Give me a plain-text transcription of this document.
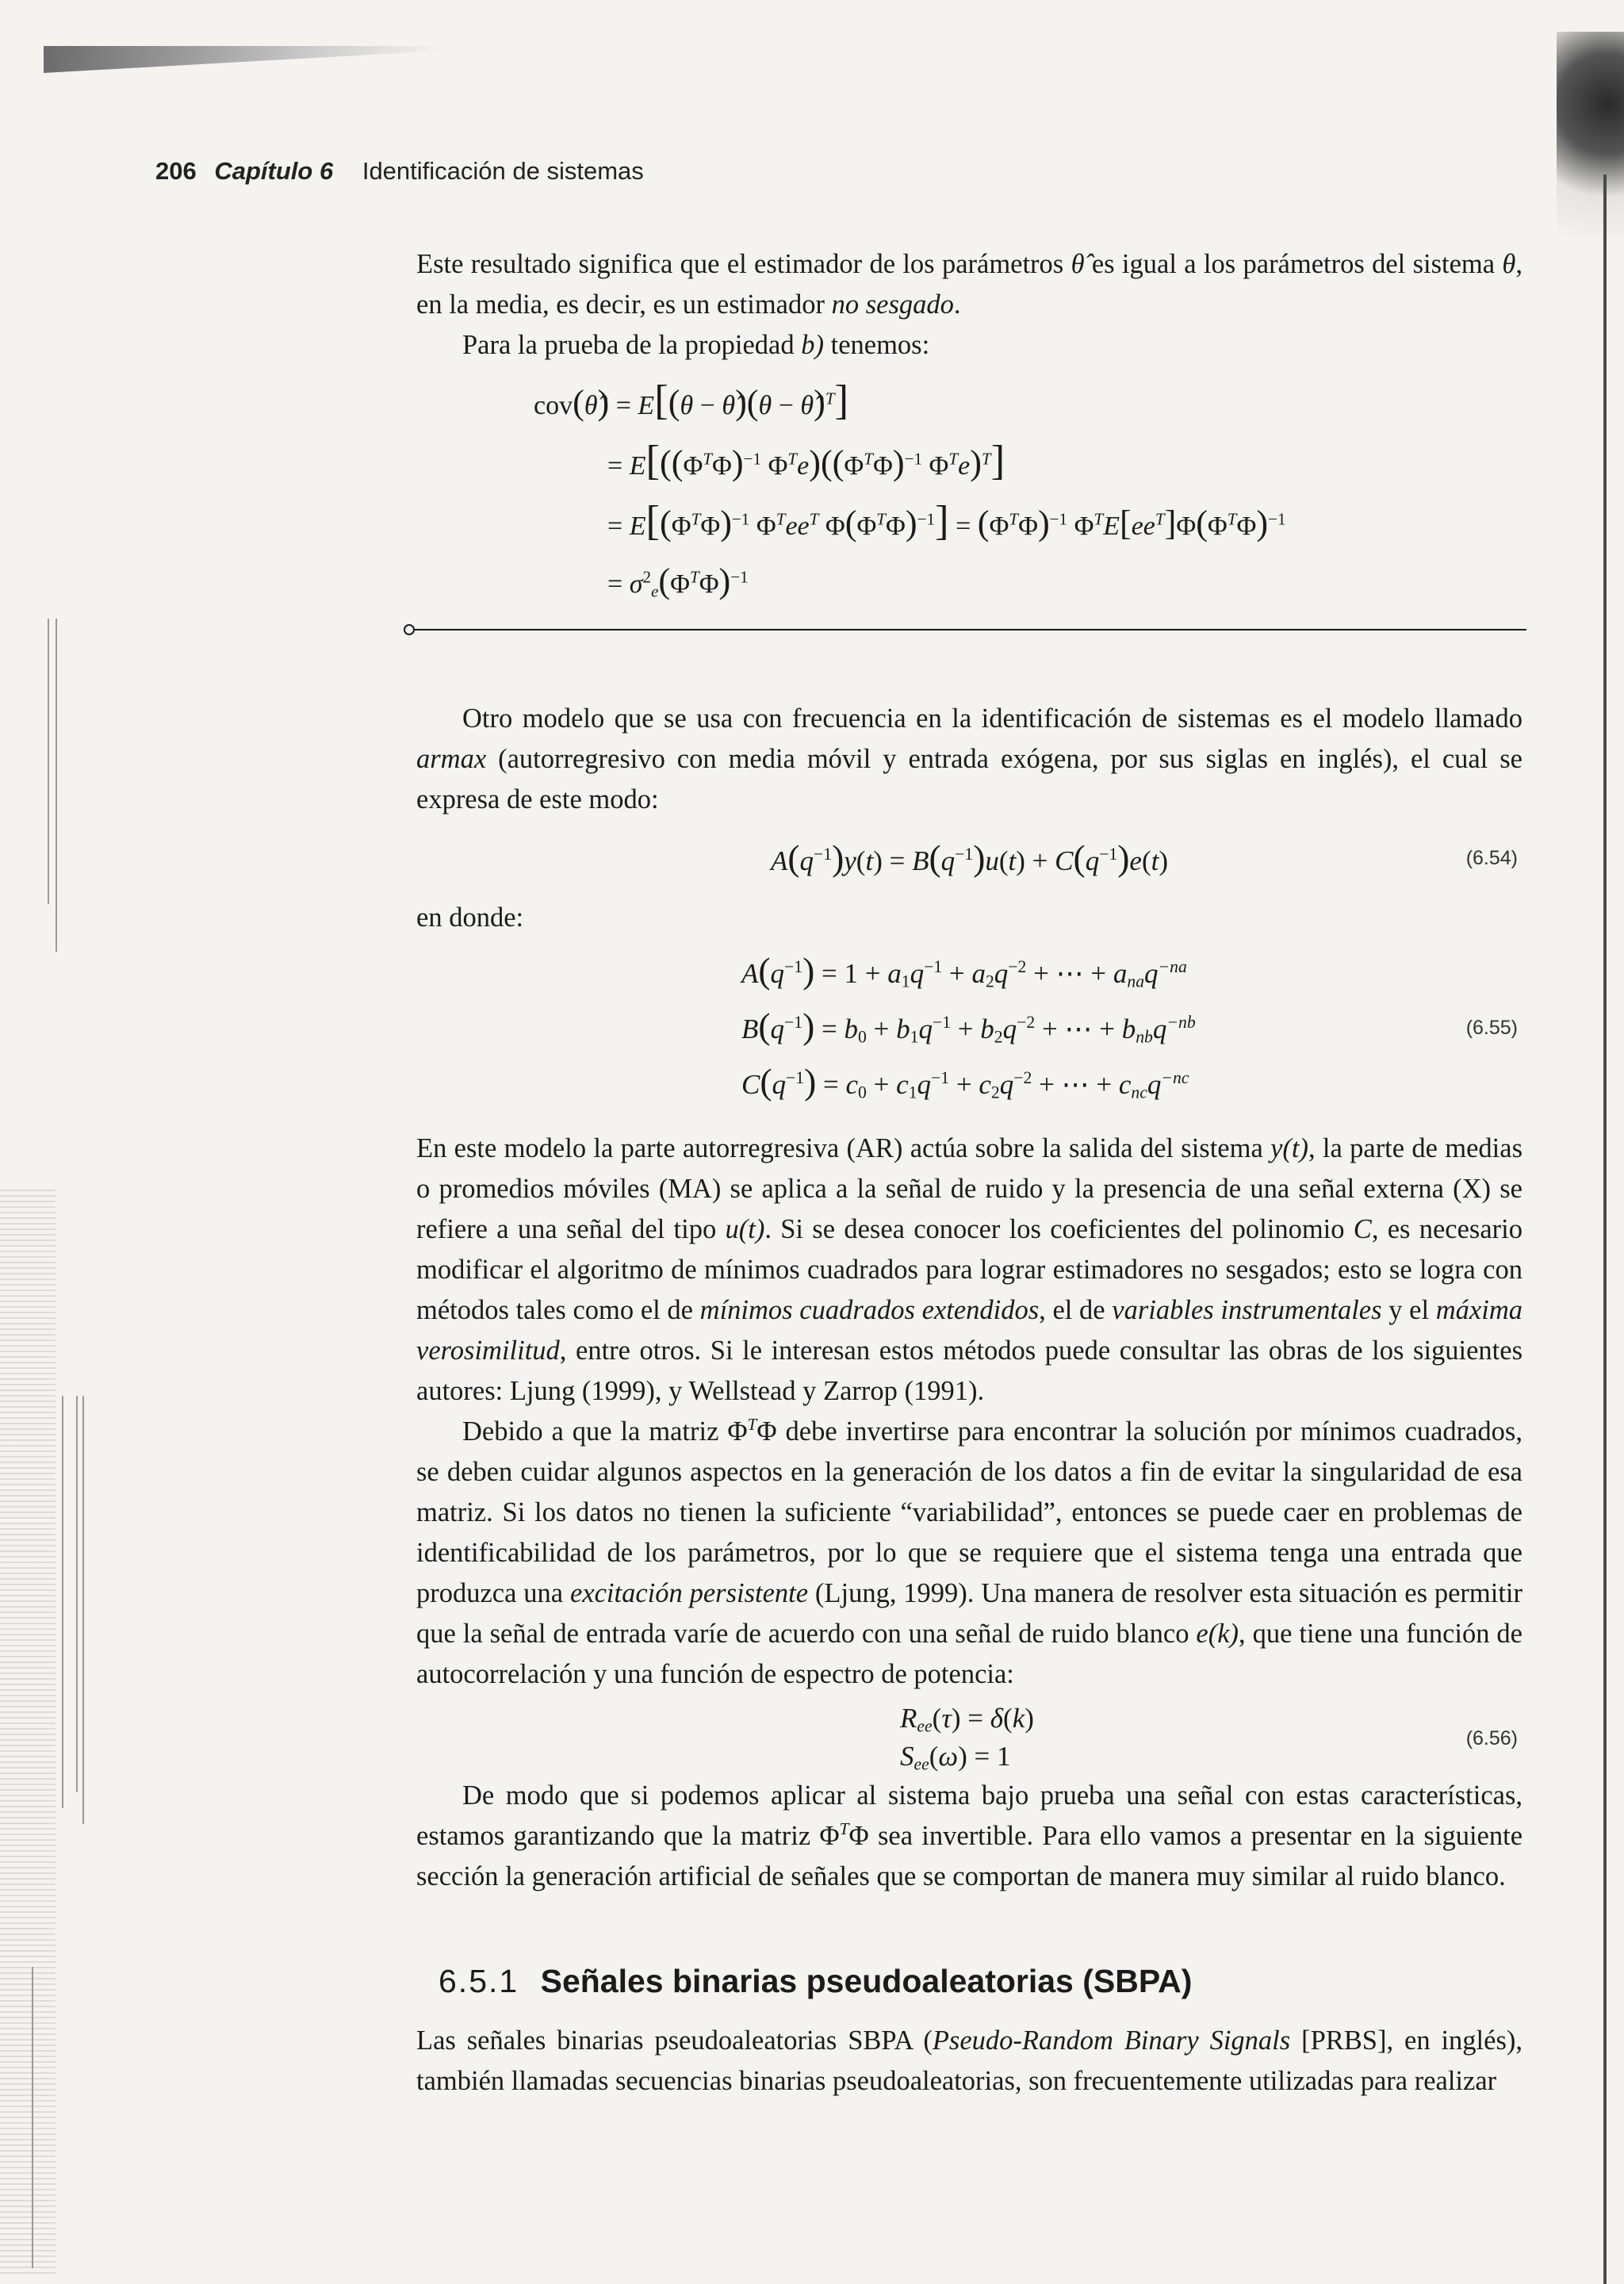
206 Capítulo 6 Identificación de sistemas

Este resultado significa que el estimador de los parámetros θ̂ es igual a los parámetros del sistema θ, en la media, es decir, es un estimador no sesgado.

Para la prueba de la propiedad b) tenemos:

cov(θ̂) = E[(θ − θ̂)(θ − θ̂)$^T$]
= $E[((\Phi^T\Phi)^{-1}$ $\Phi^Te)((\Phi^T\Phi)^{-1}$ $\Phi^Te)^T$]
= $E[(\Phi^T\Phi)^{-1}$ $\Phi^Tee^T$ $\Phi(\Phi^T\Phi)^{-1}] = (\Phi^T\Phi)^{-1}$ $\Phi^TE[ee^T]\Phi(\Phi^T\Phi)^{-1}$
= $\sigma^2_e(\Phi^T\Phi)^{-1}$

Otro modelo que se usa con frecuencia en la identificación de sistemas es el modelo llamado armax (autorregresivo con media móvil y entrada exógena, por sus siglas en inglés), el cual se expresa de este modo:

$A(q^{-1})y(t) = B(q^{-1})u(t) + C(q^{-1})e(t)$	(6.54)

en donde:

$A(q^{-1}) = 1 + a_1q^{-1} + a_2q^{-2}$ + ⋯ + $a_{na}q^{-na}$
$B(q^{-1}) = b_0 + b_1q^{-1} + b_2q^{-2}$ + ⋯ + $b_{nb}q^{-nb}$
$C(q^{-1}) = c_0 + c_1q^{-1} + c_2q^{-2}$ + ⋯ + $c_{nc}q^{-nc}$
(6.55)

En este modelo la parte autorregresiva (AR) actúa sobre la salida del sistema y(t), la parte de medias o promedios móviles (MA) se aplica a la señal de ruido y la presencia de una señal externa (X) se refiere a una señal del tipo u(t). Si se desea conocer los coeficientes del polinomio C, es necesario modificar el algoritmo de mínimos cuadrados para lograr estimadores no sesgados; esto se logra con métodos tales como el de mínimos cuadrados extendidos, el de variables instrumentales y el máxima verosimilitud, entre otros. Si le interesan estos métodos puede consultar las obras de los siguientes autores: Ljung (1999), y Wellstead y Zarrop (1991).

Debido a que la matriz $\Phi^T\Phi$ debe invertirse para encontrar la solución por mínimos cuadrados, se deben cuidar algunos aspectos en la generación de los datos a fin de evitar la singularidad de esa matriz. Si los datos no tienen la suficiente “variabilidad”, entonces se puede caer en problemas de identificabilidad de los parámetros, por lo que se requiere que el sistema tenga una entrada que produzca una excitación persistente (Ljung, 1999). Una manera de resolver esta situación es permitir que la señal de entrada varíe de acuerdo con una señal de ruido blanco e(k), que tiene una función de autocorrelación y una función de espectro de potencia:

$R_{ee}(\tau) = \delta(k)$
$S_{ee}(\omega) = 1$
(6.56)

De modo que si podemos aplicar al sistema bajo prueba una señal con estas características, estamos garantizando que la matriz $\Phi^T\Phi$ sea invertible. Para ello vamos a presentar en la siguiente sección la generación artificial de señales que se comportan de manera muy similar al ruido blanco.

6.5.1 Señales binarias pseudoaleatorias (SBPA)

Las señales binarias pseudoaleatorias SBPA (Pseudo-Random Binary Signals [PRBS], en inglés), también llamadas secuencias binarias pseudoaleatorias, son frecuentemente utilizadas para realizar
